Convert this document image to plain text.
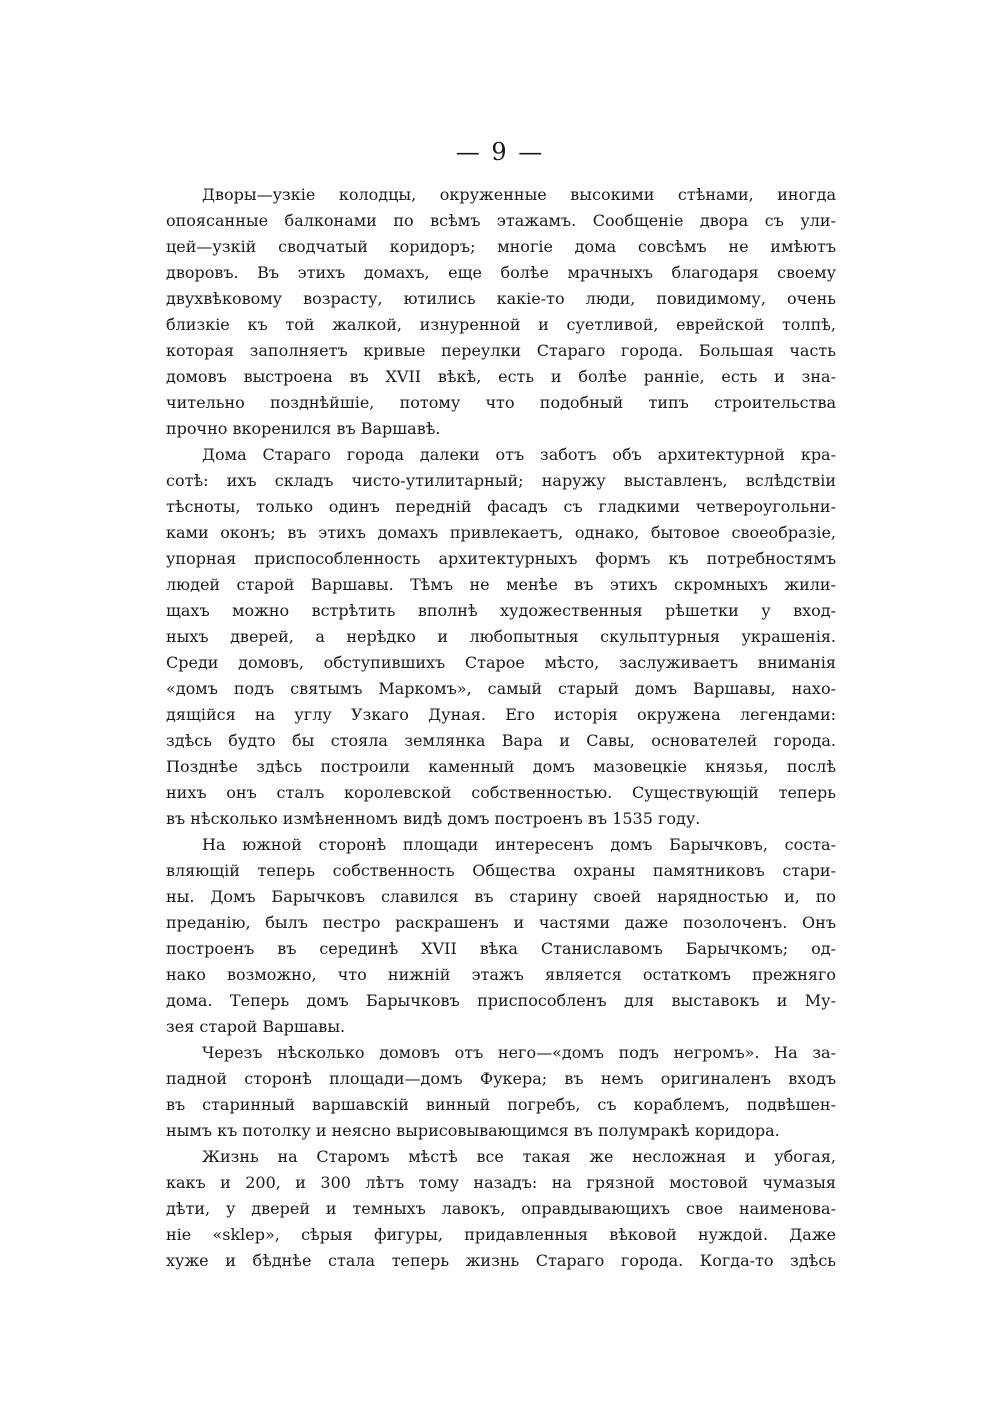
— 9 —
Дворы—узкіе колодцы, окруженные высокими стѣнами, иногда
опоясанные балконами по всѣмъ этажамъ. Сообщеніе двора съ ули-
цей—узкій сводчатый коридоръ; многіе дома совсѣмъ не имѣютъ
дворовъ. Въ этихъ домахъ, еще болѣе мрачныхъ благодаря своему
двухвѣковому возрасту, ютились какіе-то люди, повидимому, очень
близкіе къ той жалкой, изнуренной и суетливой, еврейской толпѣ,
которая заполняетъ кривые переулки Стараго города. Большая часть
домовъ выстроена въ XVII вѣкѣ, есть и болѣе ранніе, есть и зна-
чительно позднѣйшіе, потому что подобный типъ строительства
прочно вкоренился въ Варшавѣ.
Дома Стараго города далеки отъ заботъ объ архитектурной кра-
сотѣ: ихъ складъ чисто-утилитарный; наружу выставленъ, вслѣдствіи
тѣсноты, только одинъ передній фасадъ съ гладкими четвероугольни-
ками оконъ; въ этихъ домахъ привлекаетъ, однако, бытовое своеобразіе,
упорная приспособленность архитектурныхъ формъ къ потребностямъ
людей старой Варшавы. Тѣмъ не менѣе въ этихъ скромныхъ жили-
щахъ можно встрѣтить вполнѣ художественныя рѣшетки у вход-
ныхъ дверей, а нерѣдко и любопытныя скульптурныя украшенія.
Среди домовъ, обступившихъ Старое мѣсто, заслуживаетъ вниманія
«домъ подъ святымъ Маркомъ», самый старый домъ Варшавы, нахо-
дящійся на углу Узкаго Дуная. Его исторія окружена легендами:
здѣсь будто бы стояла землянка Вара и Савы, основателей города.
Позднѣе здѣсь построили каменный домъ мазовецкіе князья, послѣ
нихъ онъ сталъ королевской собственностью. Существующій теперь
въ нѣсколько измѣненномъ видѣ домъ построенъ въ 1535 году.
На южной сторонѣ площади интересенъ домъ Барычковъ, соста-
вляющій теперь собственность Общества охраны памятниковъ стари-
ны. Домъ Барычковъ славился въ старину своей нарядностью и, по
преданію, былъ пестро раскрашенъ и частями даже позолоченъ. Онъ
построенъ въ серединѣ XVII вѣка Станиславомъ Барычкомъ; од-
нако возможно, что нижній этажъ является остаткомъ прежняго
дома. Теперь домъ Барычковъ приспособленъ для выставокъ и Му-
зея старой Варшавы.
Черезъ нѣсколько домовъ отъ него—«домъ подъ негромъ». На за-
падной сторонѣ площади—домъ Фукера; въ немъ оригиналенъ входъ
въ старинный варшавскій винный погребъ, съ кораблемъ, подвѣшен-
нымъ къ потолку и неясно вырисовывающимся въ полумракѣ коридора.
Жизнь на Старомъ мѣстѣ все такая же несложная и убогая,
какъ и 200, и 300 лѣтъ тому назадъ: на грязной мостовой чумазыя
дѣти, у дверей и темныхъ лавокъ, оправдывающихъ свое наименова-
ніе «sklep», сѣрыя фигуры, придавленныя вѣковой нуждой. Даже
хуже и бѣднѣе стала теперь жизнь Стараго города. Когда-то здѣсь
